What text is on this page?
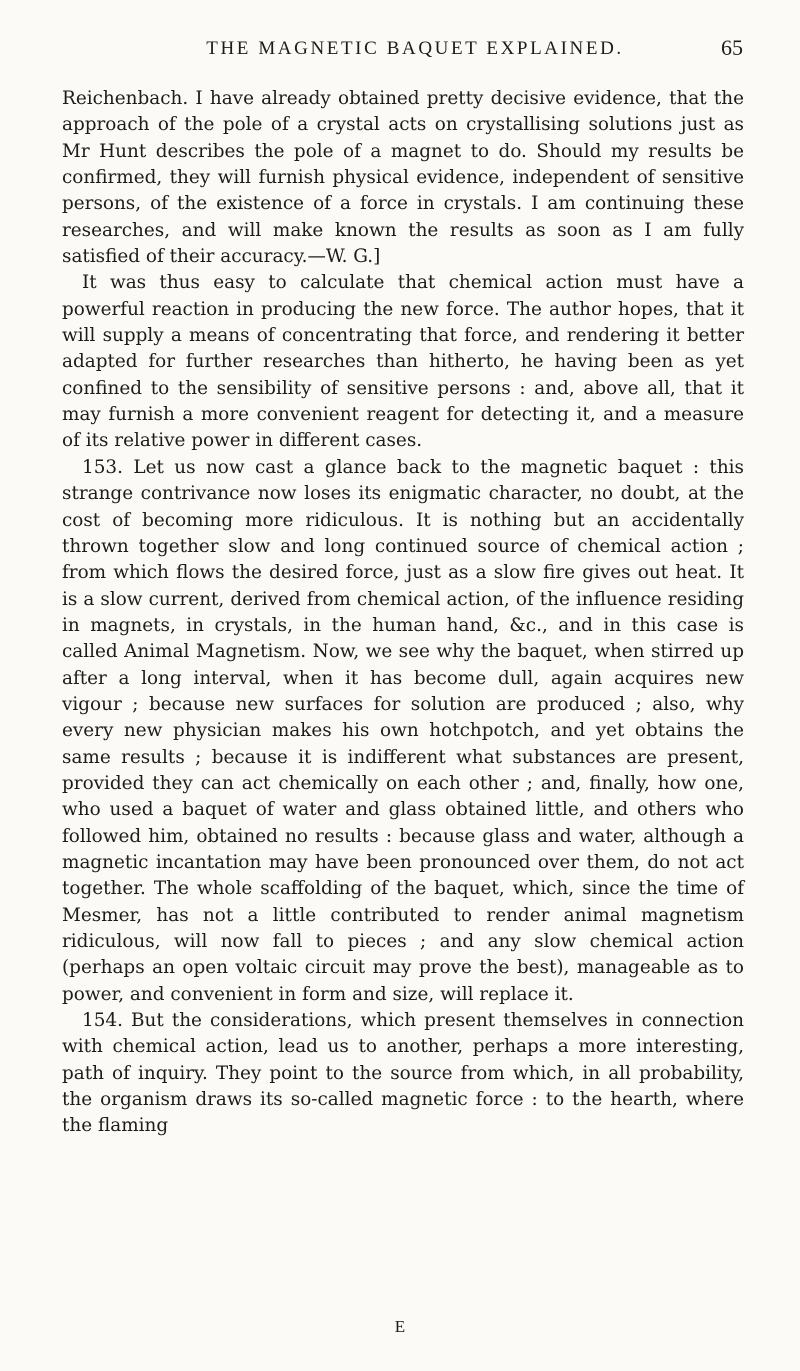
THE MAGNETIC BAQUET EXPLAINED.	65

Reichenbach. I have already obtained pretty decisive evidence, that the approach of the pole of a crystal acts on crystallising solutions just as Mr Hunt describes the pole of a magnet to do. Should my results be confirmed, they will furnish physical evidence, independent of sensitive persons, of the existence of a force in crystals. I am continuing these researches, and will make known the results as soon as I am fully satisfied of their accuracy.—W. G.]

It was thus easy to calculate that chemical action must have a powerful reaction in producing the new force. The author hopes, that it will supply a means of concentrating that force, and rendering it better adapted for further researches than hitherto, he having been as yet confined to the sensibility of sensitive persons : and, above all, that it may furnish a more convenient reagent for detecting it, and a measure of its relative power in different cases.

153. Let us now cast a glance back to the magnetic baquet : this strange contrivance now loses its enigmatic character, no doubt, at the cost of becoming more ridiculous. It is nothing but an accidentally thrown together slow and long continued source of chemical action ; from which flows the desired force, just as a slow fire gives out heat. It is a slow current, derived from chemical action, of the influence residing in magnets, in crystals, in the human hand, &c., and in this case is called Animal Magnetism. Now, we see why the baquet, when stirred up after a long interval, when it has become dull, again acquires new vigour ; because new surfaces for solution are produced ; also, why every new physician makes his own hotchpotch, and yet obtains the same results ; because it is indifferent what substances are present, provided they can act chemically on each other ; and, finally, how one, who used a baquet of water and glass obtained little, and others who followed him, obtained no results : because glass and water, although a magnetic incantation may have been pronounced over them, do not act together. The whole scaffolding of the baquet, which, since the time of Mesmer, has not a little contributed to render animal magnetism ridiculous, will now fall to pieces ; and any slow chemical action (perhaps an open voltaic circuit may prove the best), manageable as to power, and convenient in form and size, will replace it.

154. But the considerations, which present themselves in connection with chemical action, lead us to another, perhaps a more interesting, path of inquiry. They point to the source from which, in all probability, the organism draws its so-called magnetic force : to the hearth, where the flaming

E
